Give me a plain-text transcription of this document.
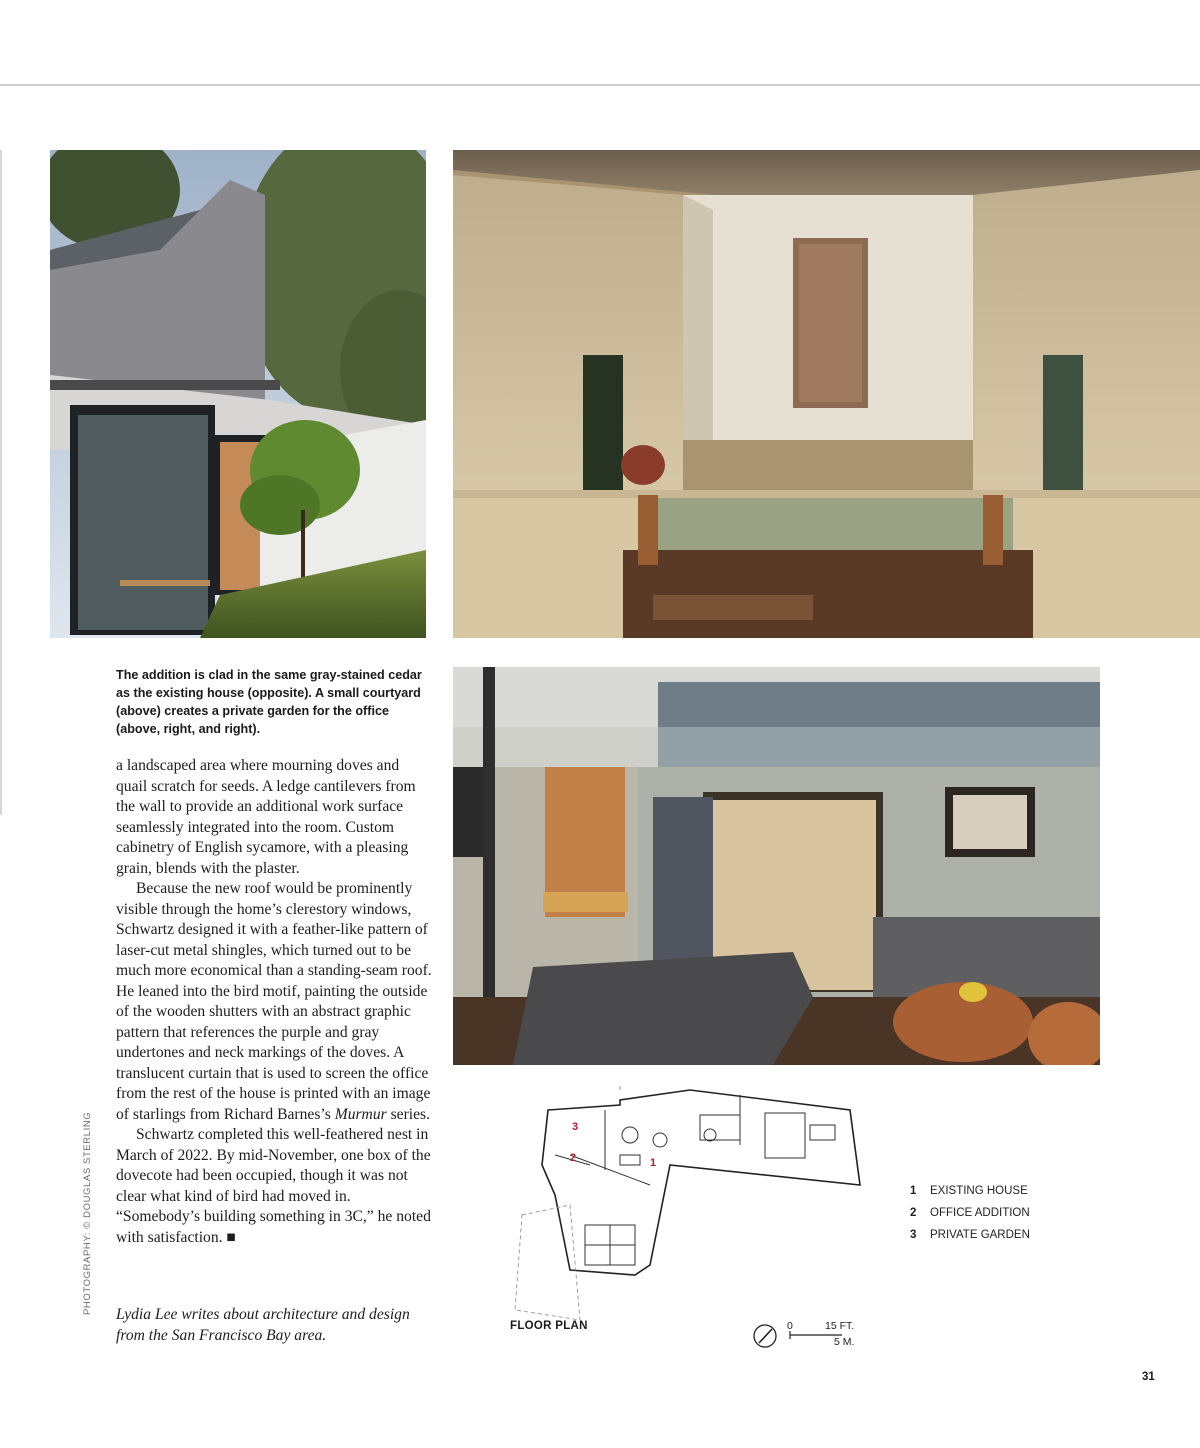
The addition is clad in the same gray-stained cedar as the existing house (opposite). A small courtyard (above) creates a private garden for the office (above, right, and right).

a landscaped area where mourning doves and quail scratch for seeds. A ledge cantilevers from the wall to provide an additional work surface seamlessly integrated into the room. Custom cabinetry of English sycamore, with a pleasing grain, blends with the plaster.

Because the new roof would be prominently visible through the home’s clerestory windows, Schwartz designed it with a feather-like pattern of laser-cut metal shingles, which turned out to be much more economical than a standing-seam roof. He leaned into the bird motif, painting the outside of the wooden shutters with an abstract graphic pattern that references the purple and gray undertones and neck markings of the doves. A translucent curtain that is used to screen the office from the rest of the house is printed with an image of starlings from Richard Barnes’s Murmur series.

Schwartz completed this well-feathered nest in March of 2022. By mid-November, one box of the dovecote had been occupied, though it was not clear what kind of bird had moved in. “Somebody’s building something in 3C,” he noted with satisfaction. ■

Lydia Lee writes about architecture and design from the San Francisco Bay area.
PHOTOGRAPHY: © DOUGLAS STERLING	3
2	1
FLOOR PLAN
1	EXISTING HOUSE
2	OFFICE ADDITION
3	PRIVATE GARDEN
0	15 FT.
5 M.
31
